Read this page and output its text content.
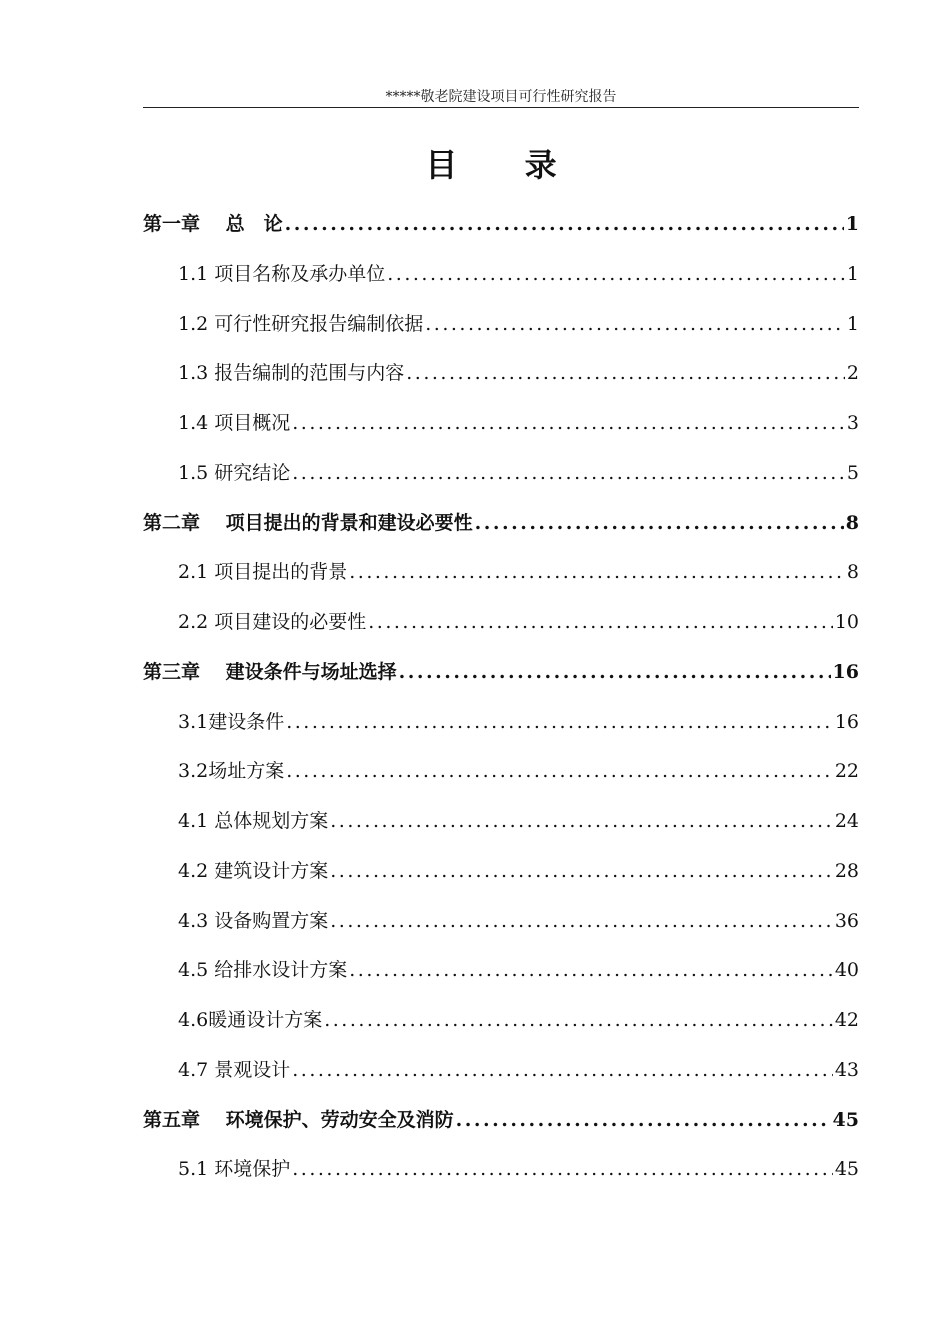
*****敬老院建设项目可行性研究报告
目 录
第一章　 总　论 .....	1
1.1 项目名称及承办单位 .....	1
1.2 可行性研究报告编制依据 .....	1
1.3 报告编制的范围与内容 .....	2
1.4 项目概况 .....	3
1.5 研究结论 .....	5
第二章　 项目提出的背景和建设必要性 .....	8
2.1 项目提出的背景 .....	8
2.2 项目建设的必要性 .....	10
第三章　 建设条件与场址选择 .....	16
3.1建设条件 .....	16
3.2场址方案 .....	22
4.1 总体规划方案 .....	24
4.2 建筑设计方案 .....	28
4.3 设备购置方案 .....	36
4.5 给排水设计方案 .....	40
4.6暖通设计方案 .....	42
4.7 景观设计 .....	43
第五章　 环境保护、劳动安全及消防 .....	45
5.1 环境保护 .....	45
